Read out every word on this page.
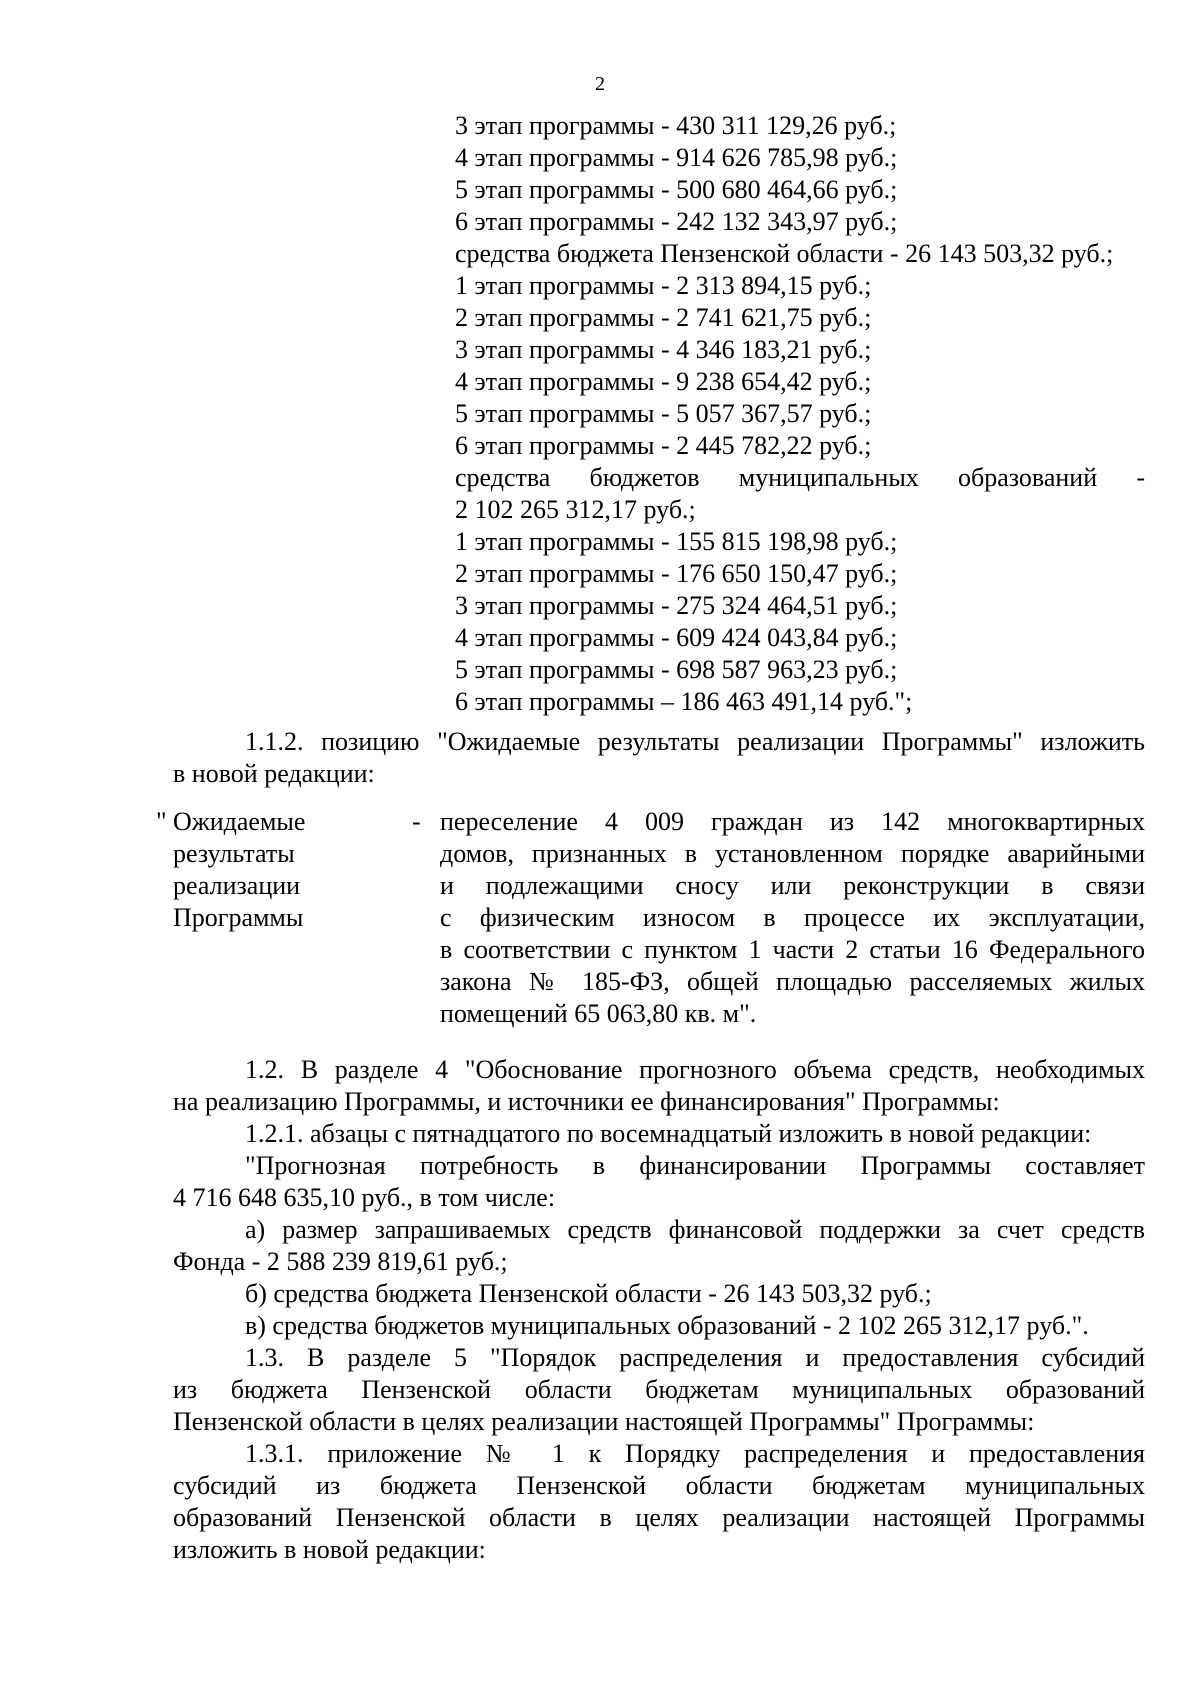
2
3 этап программы - 430 311 129,26 руб.;
4 этап программы - 914 626 785,98 руб.;
5 этап программы - 500 680 464,66 руб.;
6 этап программы - 242 132 343,97 руб.;
средства бюджета Пензенской области - 26 143 503,32 руб.;
1 этап программы - 2 313 894,15 руб.;
2 этап программы - 2 741 621,75 руб.;
3 этап программы - 4 346 183,21 руб.;
4 этап программы - 9 238 654,42 руб.;
5 этап программы - 5 057 367,57 руб.;
6 этап программы - 2 445 782,22 руб.;
средства бюджетов муниципальных образований -
2 102 265 312,17 руб.;
1 этап программы - 155 815 198,98 руб.;
2 этап программы - 176 650 150,47 руб.;
3 этап программы - 275 324 464,51 руб.;
4 этап программы - 609 424 043,84 руб.;
5 этап программы - 698 587 963,23 руб.;
6 этап программы – 186 463 491,14 руб.";
1.1.2. позицию "Ожидаемые результаты реализации Программы" изложить
в новой редакции:
" Ожидаемые
результаты
реализации
Программы
- переселение 4 009 граждан из 142 многоквартирных
домов, признанных в установленном порядке аварийными
и подлежащими сносу или реконструкции в связи
с физическим износом в процессе их эксплуатации,
в соответствии с пунктом 1 части 2 статьи 16 Федерального
закона № 185-ФЗ, общей площадью расселяемых жилых
помещений 65 063,80 кв. м".
1.2. В разделе 4 "Обоснование прогнозного объема средств, необходимых
на реализацию Программы, и источники ее финансирования" Программы:
1.2.1. абзацы с пятнадцатого по восемнадцатый изложить в новой редакции:
"Прогнозная потребность в финансировании Программы составляет
4 716 648 635,10 руб., в том числе:
а) размер запрашиваемых средств финансовой поддержки за счет средств
Фонда - 2 588 239 819,61 руб.;
б) средства бюджета Пензенской области - 26 143 503,32 руб.;
в) средства бюджетов муниципальных образований - 2 102 265 312,17 руб.".
1.3. В разделе 5 "Порядок распределения и предоставления субсидий
из бюджета Пензенской области бюджетам муниципальных образований
Пензенской области в целях реализации настоящей Программы" Программы:
1.3.1. приложение № 1 к Порядку распределения и предоставления
субсидий из бюджета Пензенской области бюджетам муниципальных
образований Пензенской области в целях реализации настоящей Программы
изложить в новой редакции:
